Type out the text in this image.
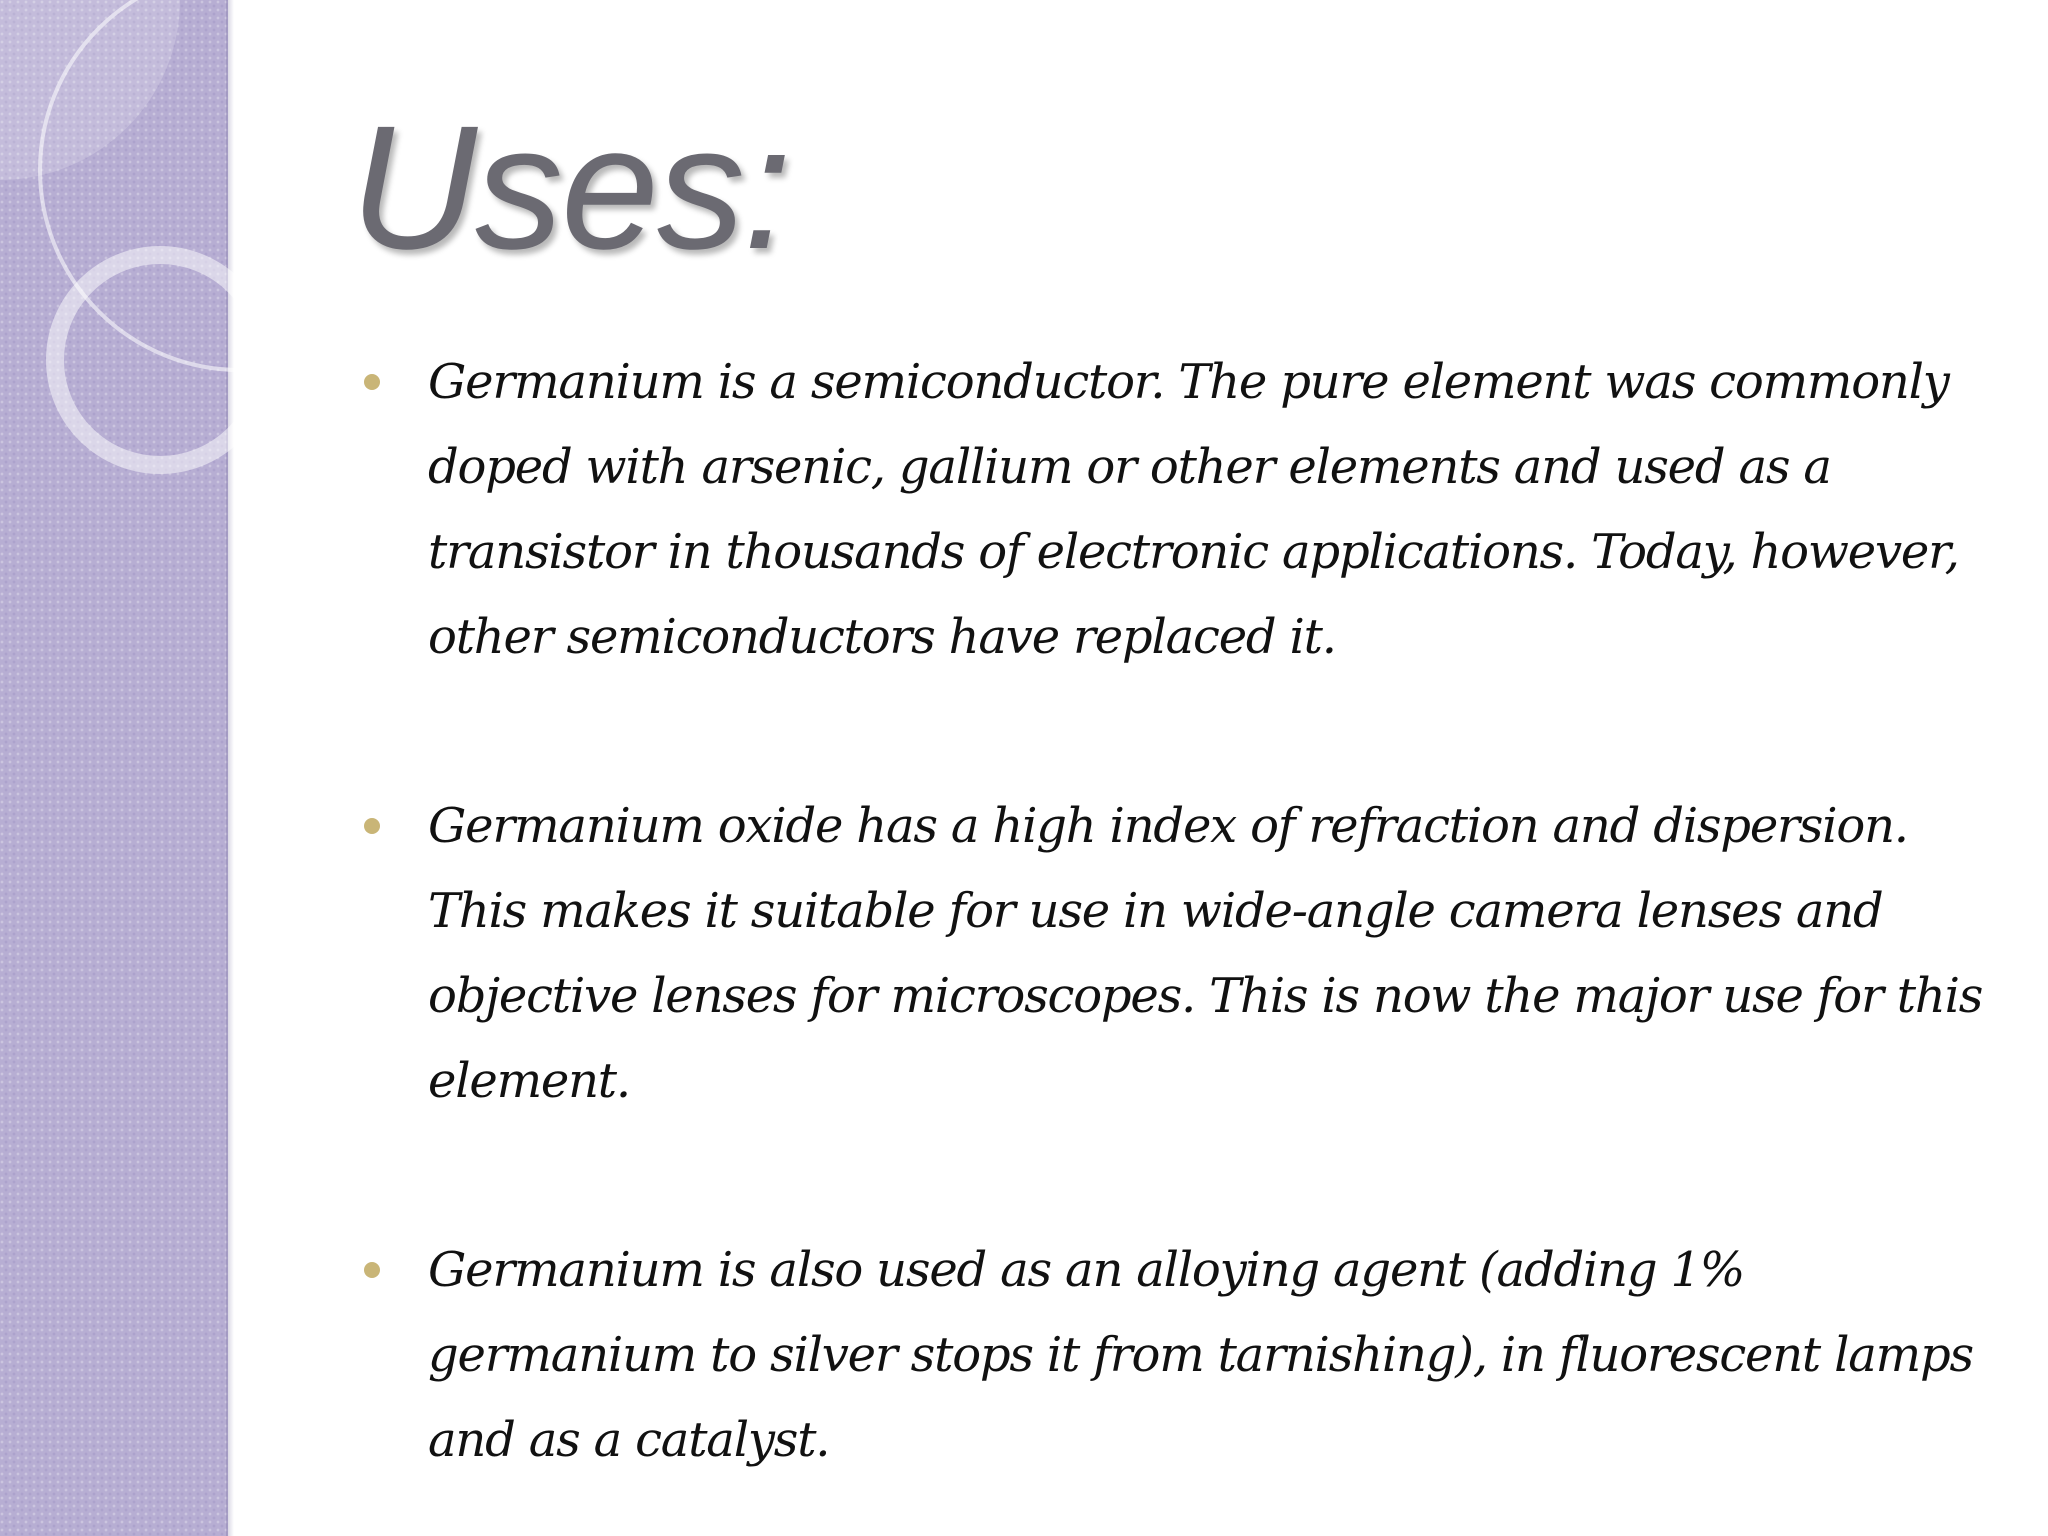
Uses:
Germanium is a semiconductor. The pure element was commonly doped with arsenic, gallium or other elements and used as a transistor in thousands of electronic applications. Today, however, other semiconductors have replaced it.
Germanium oxide has a high index of refraction and dispersion. This makes it suitable for use in wide-angle camera lenses and objective lenses for microscopes. This is now the major use for this element.
Germanium is also used as an alloying agent (adding 1% germanium to silver stops it from tarnishing), in fluorescent lamps and as a catalyst.
